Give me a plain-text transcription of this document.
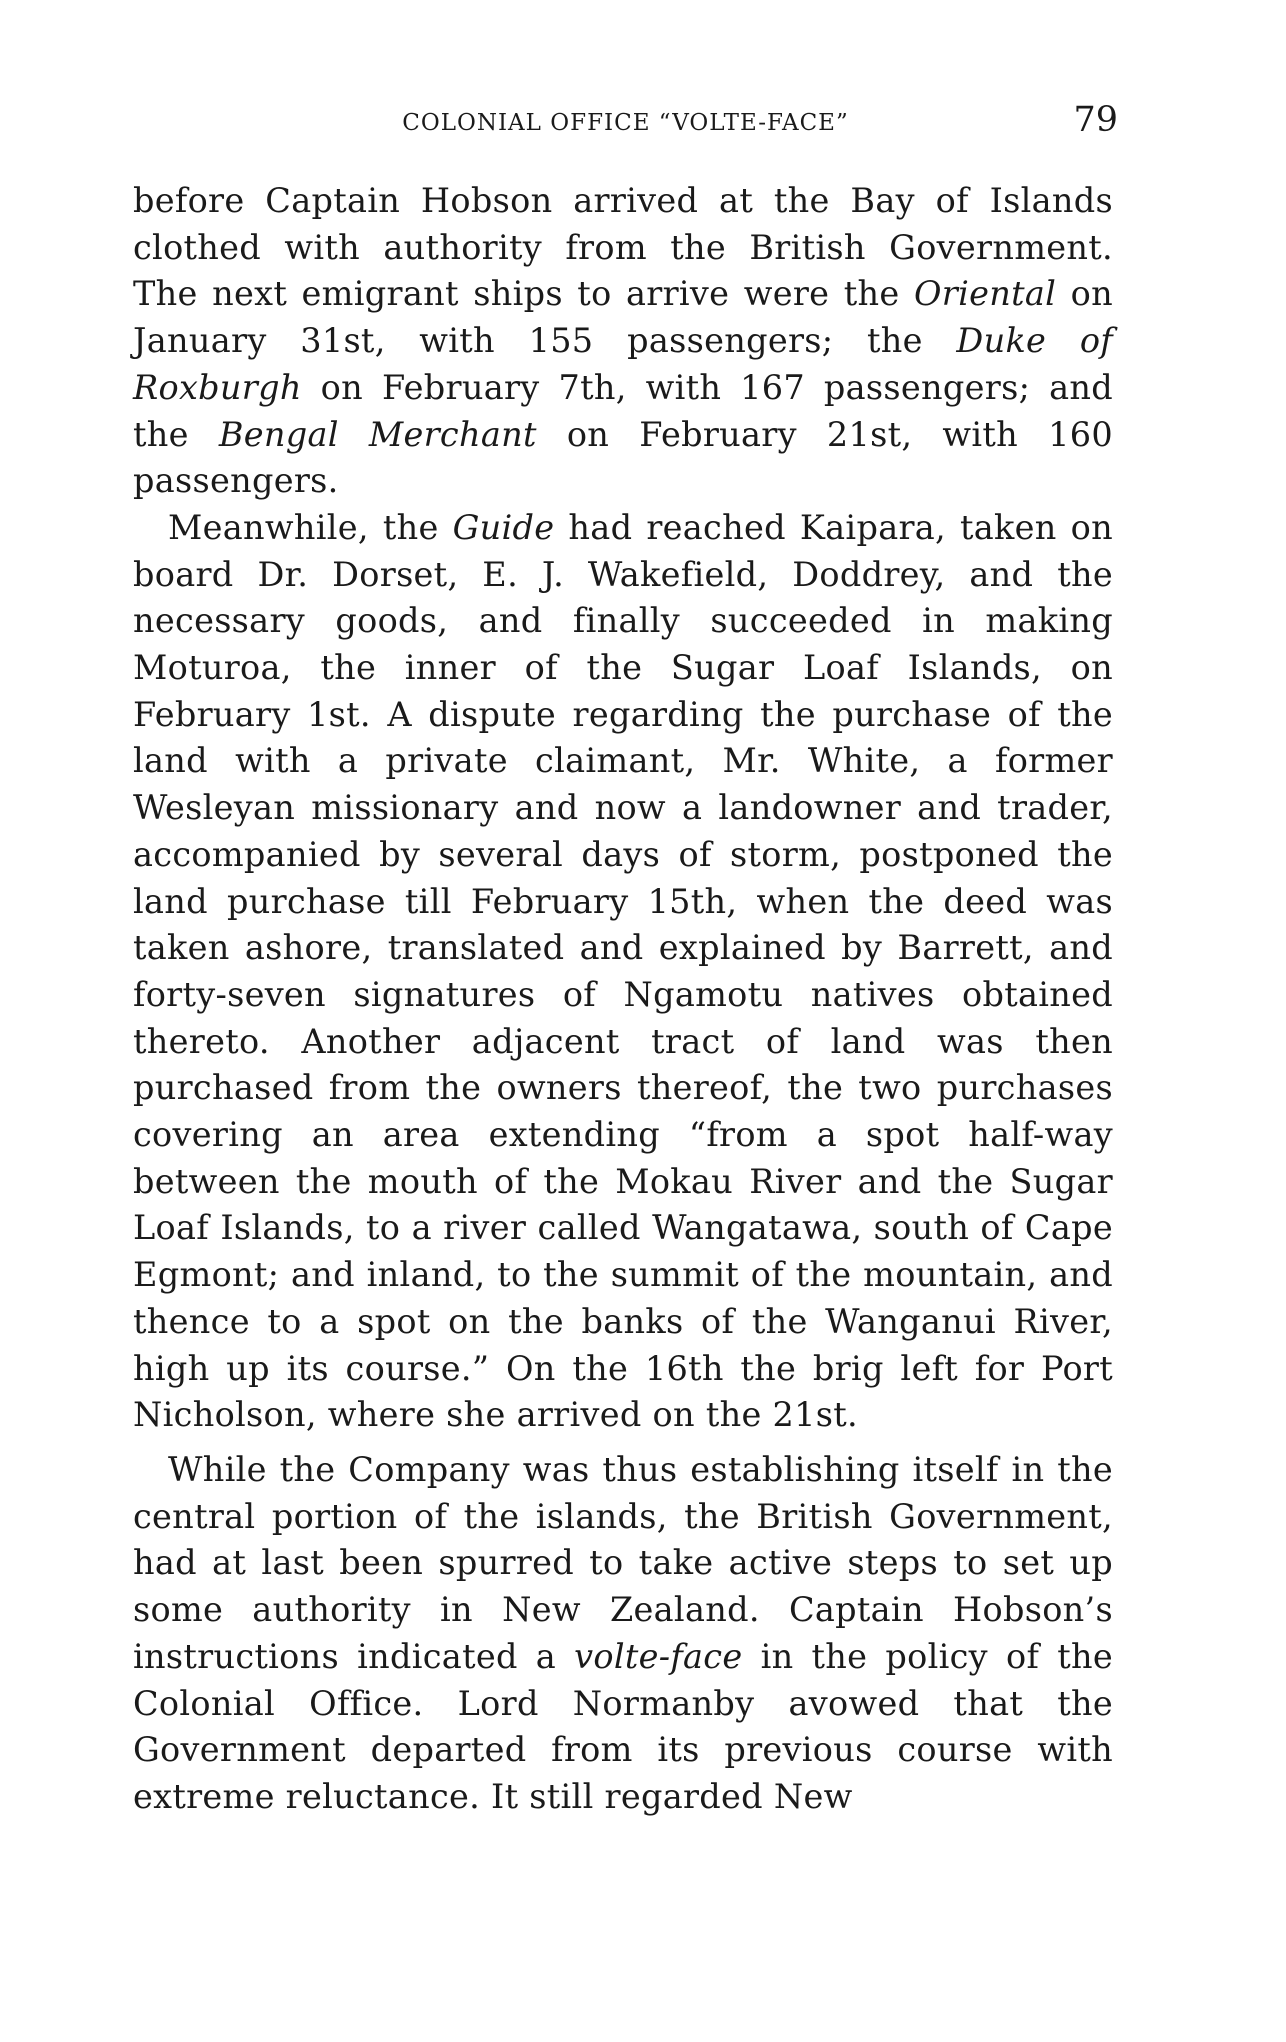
COLONIAL OFFICE “VOLTE-FACE”	79

before Captain Hobson arrived at the Bay of Islands clothed with authority from the British Government. The next emigrant ships to arrive were the Oriental on January 31st, with 155 passengers; the Duke of Roxburgh on February 7th, with 167 passengers; and the Bengal Merchant on February 21st, with 160 passengers.

Meanwhile, the Guide had reached Kaipara, taken on board Dr. Dorset, E. J. Wakefield, Doddrey, and the necessary goods, and finally succeeded in making Moturoa, the inner of the Sugar Loaf Islands, on February 1st. A dispute regarding the purchase of the land with a private claimant, Mr. White, a former Wesleyan missionary and now a landowner and trader, accompanied by several days of storm, postponed the land purchase till February 15th, when the deed was taken ashore, translated and explained by Barrett, and forty-seven signatures of Ngamotu natives obtained thereto. Another adjacent tract of land was then purchased from the owners thereof, the two purchases covering an area extending “from a spot half-way between the mouth of the Mokau River and the Sugar Loaf Islands, to a river called Wangatawa, south of Cape Egmont; and inland, to the summit of the mountain, and thence to a spot on the banks of the Wanganui River, high up its course.” On the 16th the brig left for Port Nicholson, where she arrived on the 21st.

While the Company was thus establishing itself in the central portion of the islands, the British Government, had at last been spurred to take active steps to set up some authority in New Zealand. Captain Hobson’s instructions indicated a volte-face in the policy of the Colonial Office. Lord Normanby avowed that the Government departed from its previous course with extreme reluctance. It still regarded New
